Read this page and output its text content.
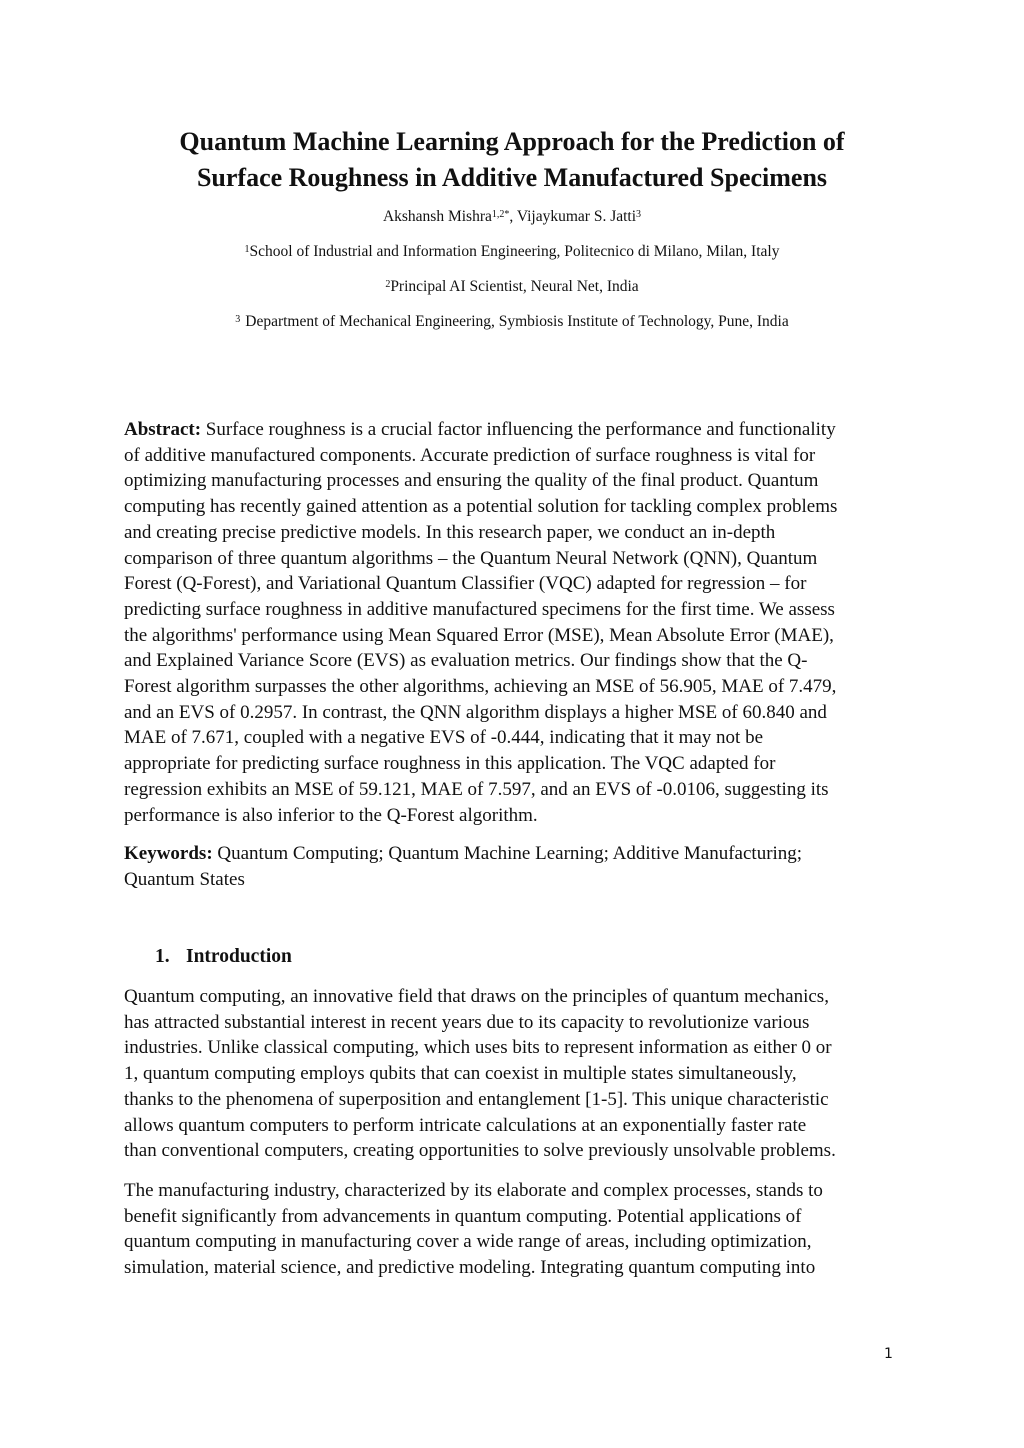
Quantum Machine Learning Approach for the Prediction of
Surface Roughness in Additive Manufactured Specimens
Akshansh Mishra$^{1,2*}$, Vijaykumar S. Jatti$^3$
$^1$School of Industrial and Information Engineering, Politecnico di Milano, Milan, Italy
$^2$Principal AI Scientist, Neural Net, India
$^3$ Department of Mechanical Engineering, Symbiosis Institute of Technology, Pune, India
Abstract: Surface roughness is a crucial factor influencing the performance and functionality
of additive manufactured components. Accurate prediction of surface roughness is vital for
optimizing manufacturing processes and ensuring the quality of the final product. Quantum
computing has recently gained attention as a potential solution for tackling complex problems
and creating precise predictive models. In this research paper, we conduct an in-depth
comparison of three quantum algorithms – the Quantum Neural Network (QNN), Quantum
Forest (Q-Forest), and Variational Quantum Classifier (VQC) adapted for regression – for
predicting surface roughness in additive manufactured specimens for the first time. We assess
the algorithms' performance using Mean Squared Error (MSE), Mean Absolute Error (MAE),
and Explained Variance Score (EVS) as evaluation metrics. Our findings show that the Q-
Forest algorithm surpasses the other algorithms, achieving an MSE of 56.905, MAE of 7.479,
and an EVS of 0.2957. In contrast, the QNN algorithm displays a higher MSE of 60.840 and
MAE of 7.671, coupled with a negative EVS of -0.444, indicating that it may not be
appropriate for predicting surface roughness in this application. The VQC adapted for
regression exhibits an MSE of 59.121, MAE of 7.597, and an EVS of -0.0106, suggesting its
performance is also inferior to the Q-Forest algorithm.
Keywords: Quantum Computing; Quantum Machine Learning; Additive Manufacturing;
Quantum States
1. Introduction
Quantum computing, an innovative field that draws on the principles of quantum mechanics,
has attracted substantial interest in recent years due to its capacity to revolutionize various
industries. Unlike classical computing, which uses bits to represent information as either 0 or
1, quantum computing employs qubits that can coexist in multiple states simultaneously,
thanks to the phenomena of superposition and entanglement [1-5]. This unique characteristic
allows quantum computers to perform intricate calculations at an exponentially faster rate
than conventional computers, creating opportunities to solve previously unsolvable problems.
The manufacturing industry, characterized by its elaborate and complex processes, stands to
benefit significantly from advancements in quantum computing. Potential applications of
quantum computing in manufacturing cover a wide range of areas, including optimization,
simulation, material science, and predictive modeling. Integrating quantum computing into
1
